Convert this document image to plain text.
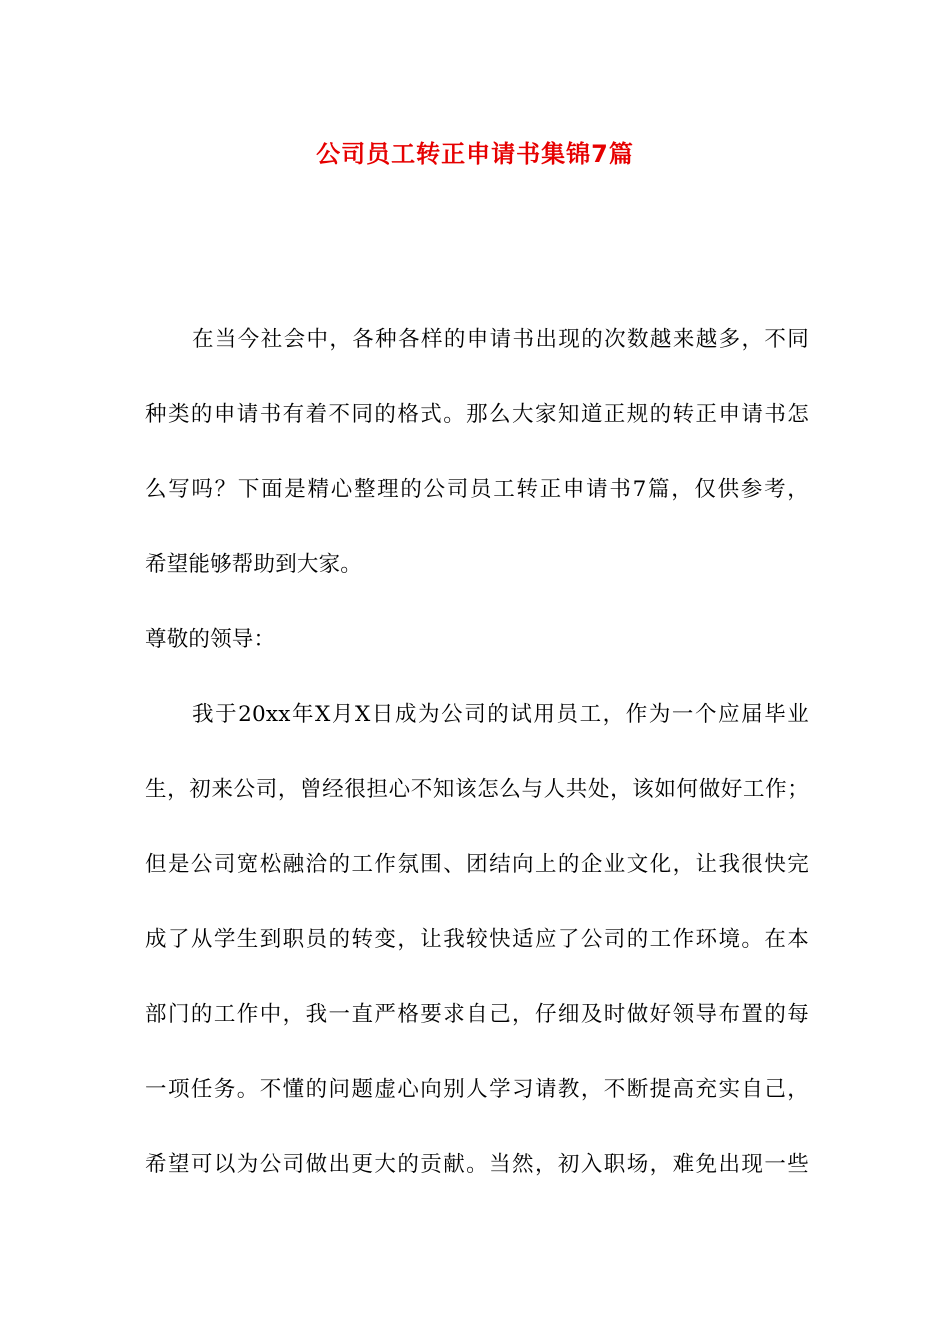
公司员工转正申请书集锦7篇
在当今社会中，各种各样的申请书出现的次数越来越多，不同
种类的申请书有着不同的格式。那么大家知道正规的转正申请书怎
么写吗？下面是精心整理的公司员工转正申请书7篇，仅供参考，
希望能够帮助到大家。
尊敬的领导：
我于20xx年X月X日成为公司的试用员工，作为一个应届毕业
生，初来公司，曾经很担心不知该怎么与人共处，该如何做好工作；
但是公司宽松融洽的工作氛围、团结向上的企业文化，让我很快完
成了从学生到职员的转变，让我较快适应了公司的工作环境。在本
部门的工作中，我一直严格要求自己，仔细及时做好领导布置的每
一项任务。不懂的问题虚心向别人学习请教，不断提高充实自己，
希望可以为公司做出更大的贡献。当然，初入职场，难免出现一些
